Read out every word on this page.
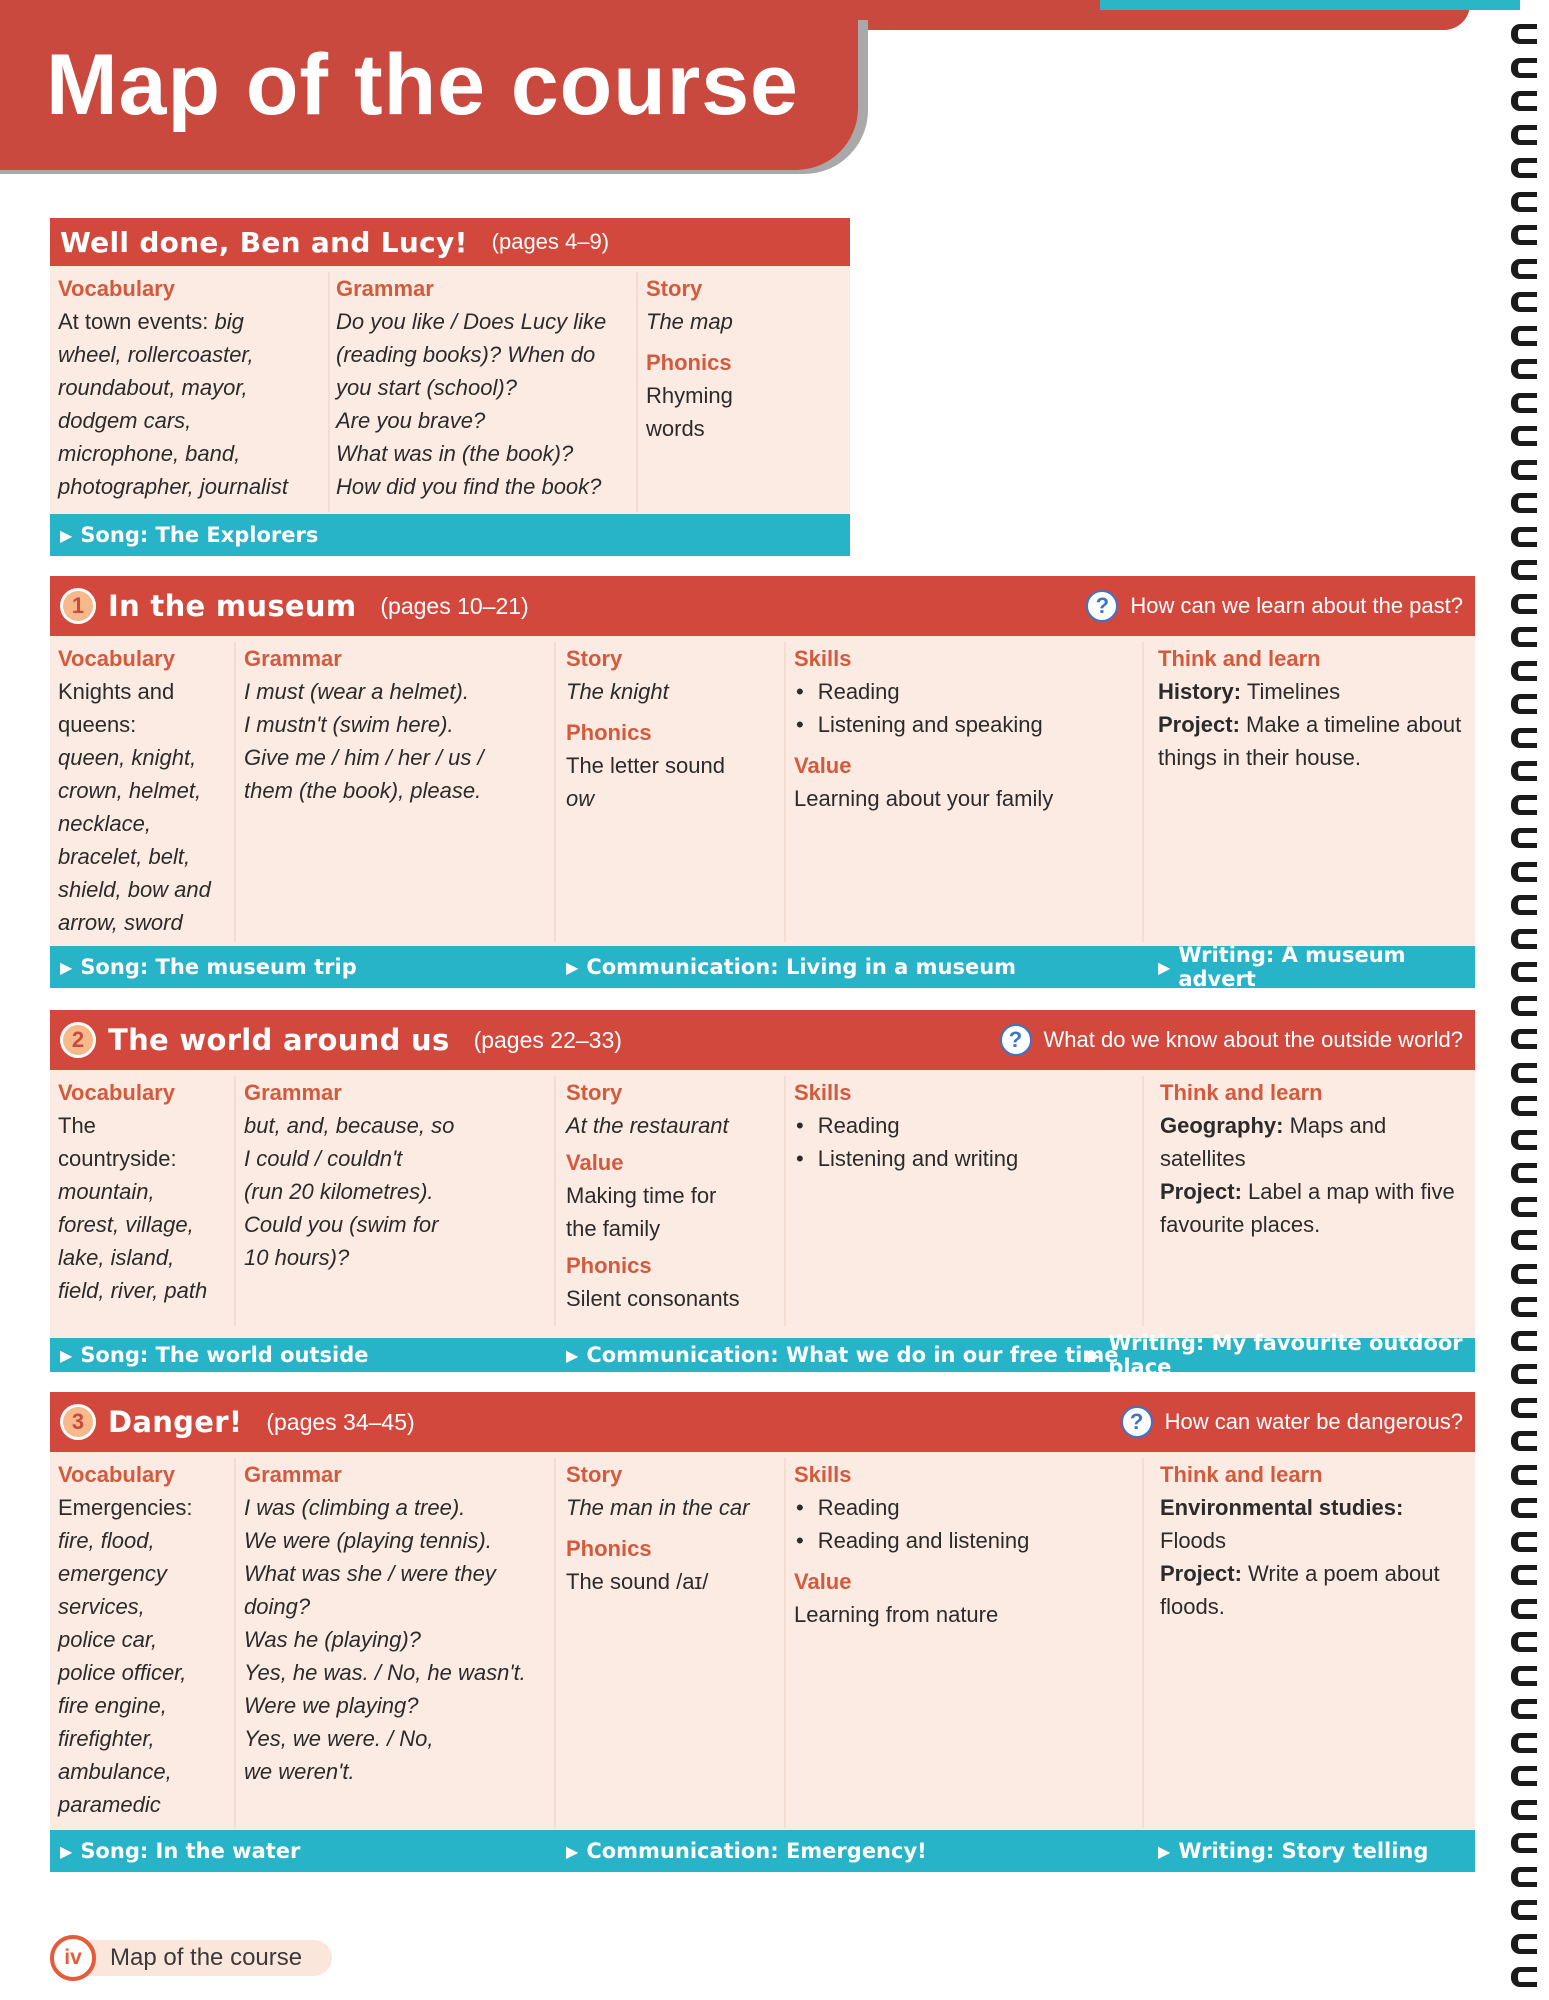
Map of the course
Well done, Ben and Lucy! (pages 4–9)
Vocabulary
At town events: big
wheel, rollercoaster,
roundabout, mayor,
dodgem cars,
microphone, band,
photographer, journalist
Grammar
Do you like / Does Lucy like
(reading books)? When do
you start (school)?
Are you brave?
What was in (the book)?
How did you find the book?
Story
The map
Phonics
Rhyming
words
▶ Song: The Explorers
1 In the museum (pages 10–21)	? How can we learn about the past?
Vocabulary
Knights and
queens:
queen, knight,
crown, helmet,
necklace,
bracelet, belt,
shield, bow and
arrow, sword
Grammar
I must (wear a helmet).
I mustn't (swim here).
Give me / him / her / us /
them (the book), please.
Story
The knight
Phonics
The letter sound
ow
Skills
• Reading
• Listening and speaking
Value
Learning about your family
Think and learn
History: Timelines
Project: Make a timeline about things in their house.
▶ Song: The museum trip	▶ Communication: Living in a museum	▶ Writing: A museum advert
2 The world around us (pages 22–33)	? What do we know about the outside world?
Vocabulary
The
countryside:
mountain,
forest, village,
lake, island,
field, river, path
Grammar
but, and, because, so
I could / couldn't
(run 20 kilometres).
Could you (swim for
10 hours)?
Story
At the restaurant
Value
Making time for
the family
Phonics
Silent consonants
Skills
• Reading
• Listening and writing
Think and learn
Geography: Maps and satellites
Project: Label a map with five favourite places.
▶ Song: The world outside	▶ Communication: What we do in our free time
▶ Writing: My favourite outdoor place
3 Danger! (pages 34–45)	? How can water be dangerous?
Vocabulary
Emergencies:
fire, flood,
emergency
services,
police car,
police officer,
fire engine,
firefighter,
ambulance,
paramedic
Grammar
I was (climbing a tree).
We were (playing tennis).
What was she / were they
doing?
Was he (playing)?
Yes, he was. / No, he wasn't.
Were we playing?
Yes, we were. / No,
we weren't.
Story
The man in the car
Phonics
The sound /aɪ/
Skills
• Reading
• Reading and listening
Value
Learning from nature
Think and learn
Environmental studies:
Floods
Project: Write a poem about floods.
▶ Song: In the water	▶ Communication: Emergency!	▶ Writing: Story telling
iv	Map of the course
